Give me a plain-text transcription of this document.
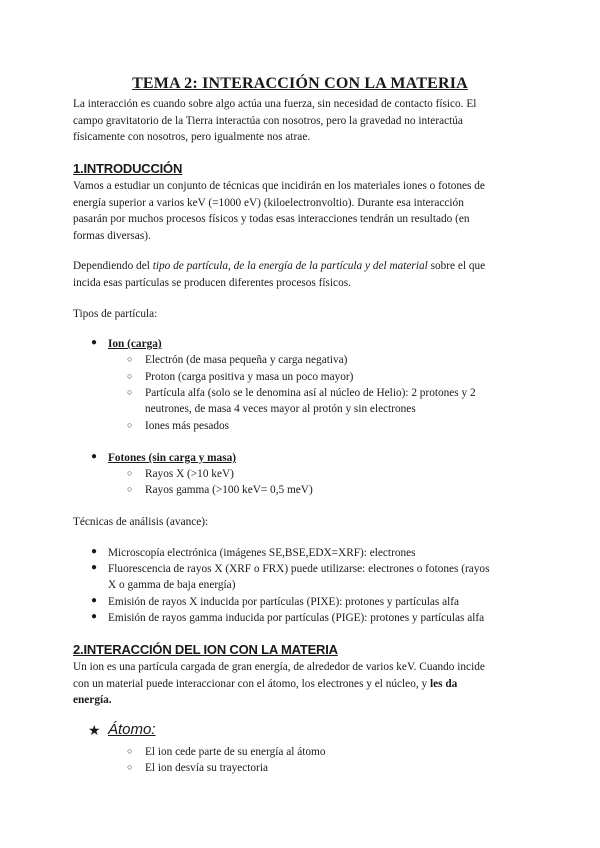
TEMA 2: INTERACCIÓN CON LA MATERIA
La interacción es cuando sobre algo actúa una fuerza, sin necesidad de contacto físico. El
campo gravitatorio de la Tierra interactúa con nosotros, pero la gravedad no interactúa
físicamente con nosotros, pero igualmente nos atrae.
1.INTRODUCCIÓN
Vamos a estudiar un conjunto de técnicas que incidirán en los materiales iones o fotones de
energía superior a varios keV (=1000 eV) (kiloelectronvoltio). Durante esa interacción
pasarán por muchos procesos físicos y todas esas interacciones tendrán un resultado (en
formas diversas).
Dependiendo del tipo de partícula, de la energía de la partícula y del material sobre el que
incida esas partículas se producen diferentes procesos físicos.
Tipos de partícula:
● Ion (carga)
○ Electrón (de masa pequeña y carga negativa)
○ Proton (carga positiva y masa un poco mayor)
○ Partícula alfa (solo se le denomina así al núcleo de Helio): 2 protones y 2
neutrones, de masa 4 veces mayor al protón y sin electrones
○ Iones más pesados
● Fotones (sin carga y masa)
○ Rayos X (>10 keV)
○ Rayos gamma (>100 keV= 0,5 meV)
Técnicas de análisis (avance):
● Microscopía electrónica (imágenes SE,BSE,EDX=XRF): electrones
● Fluorescencia de rayos X (XRF o FRX) puede utilizarse: electrones o fotones (rayos
X o gamma de baja energía)
● Emisión de rayos X inducida por partículas (PIXE): protones y partículas alfa
● Emisión de rayos gamma inducida por partículas (PIGE): protones y partículas alfa
2.INTERACCIÓN DEL ION CON LA MATERIA
Un ion es una partícula cargada de gran energía, de alrededor de varios keV. Cuando incide
con un material puede interaccionar con el átomo, los electrones y el núcleo, y les da
energía.
★ Átomo:
○ El ion cede parte de su energía al átomo
○ El ion desvía su trayectoria
